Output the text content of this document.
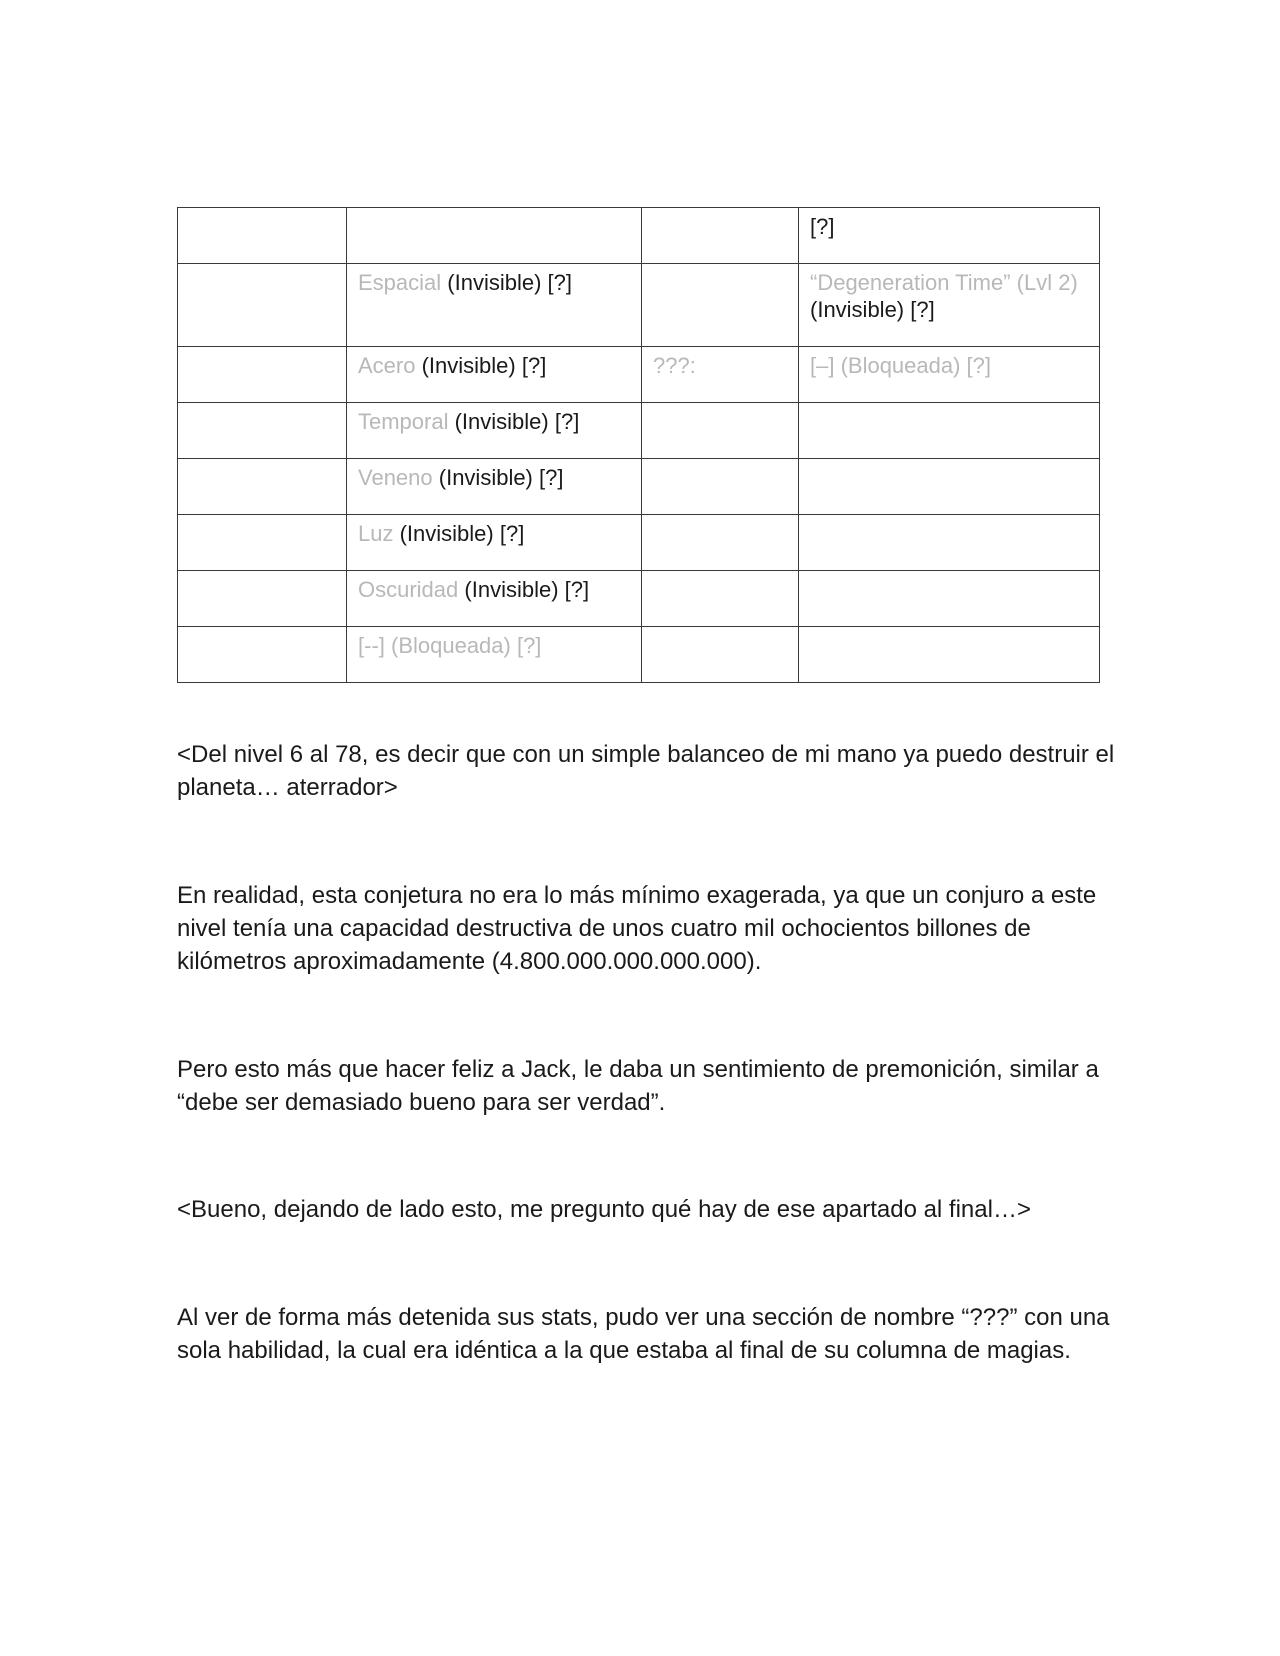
			[?]
	Espacial (Invisible) [?]		“Degeneration Time” (Lvl 2) (Invisible) [?]
	Acero (Invisible) [?]	???:	[–] (Bloqueada) [?]
	Temporal (Invisible) [?]		
	Veneno (Invisible) [?]		
	Luz (Invisible) [?]		
	Oscuridad (Invisible) [?]		
	[--] (Bloqueada) [?]		

<Del nivel 6 al 78, es decir que con un simple balanceo de mi mano ya puedo destruir el planeta… aterrador>

En realidad, esta conjetura no era lo más mínimo exagerada, ya que un conjuro a este nivel tenía una capacidad destructiva de unos cuatro mil ochocientos billones de kilómetros aproximadamente (4.800.000.000.000.000).

Pero esto más que hacer feliz a Jack, le daba un sentimiento de premonición, similar a “debe ser demasiado bueno para ser verdad”.

<Bueno, dejando de lado esto, me pregunto qué hay de ese apartado al final…>

Al ver de forma más detenida sus stats, pudo ver una sección de nombre “???” con una sola habilidad, la cual era idéntica a la que estaba al final de su columna de magias.
